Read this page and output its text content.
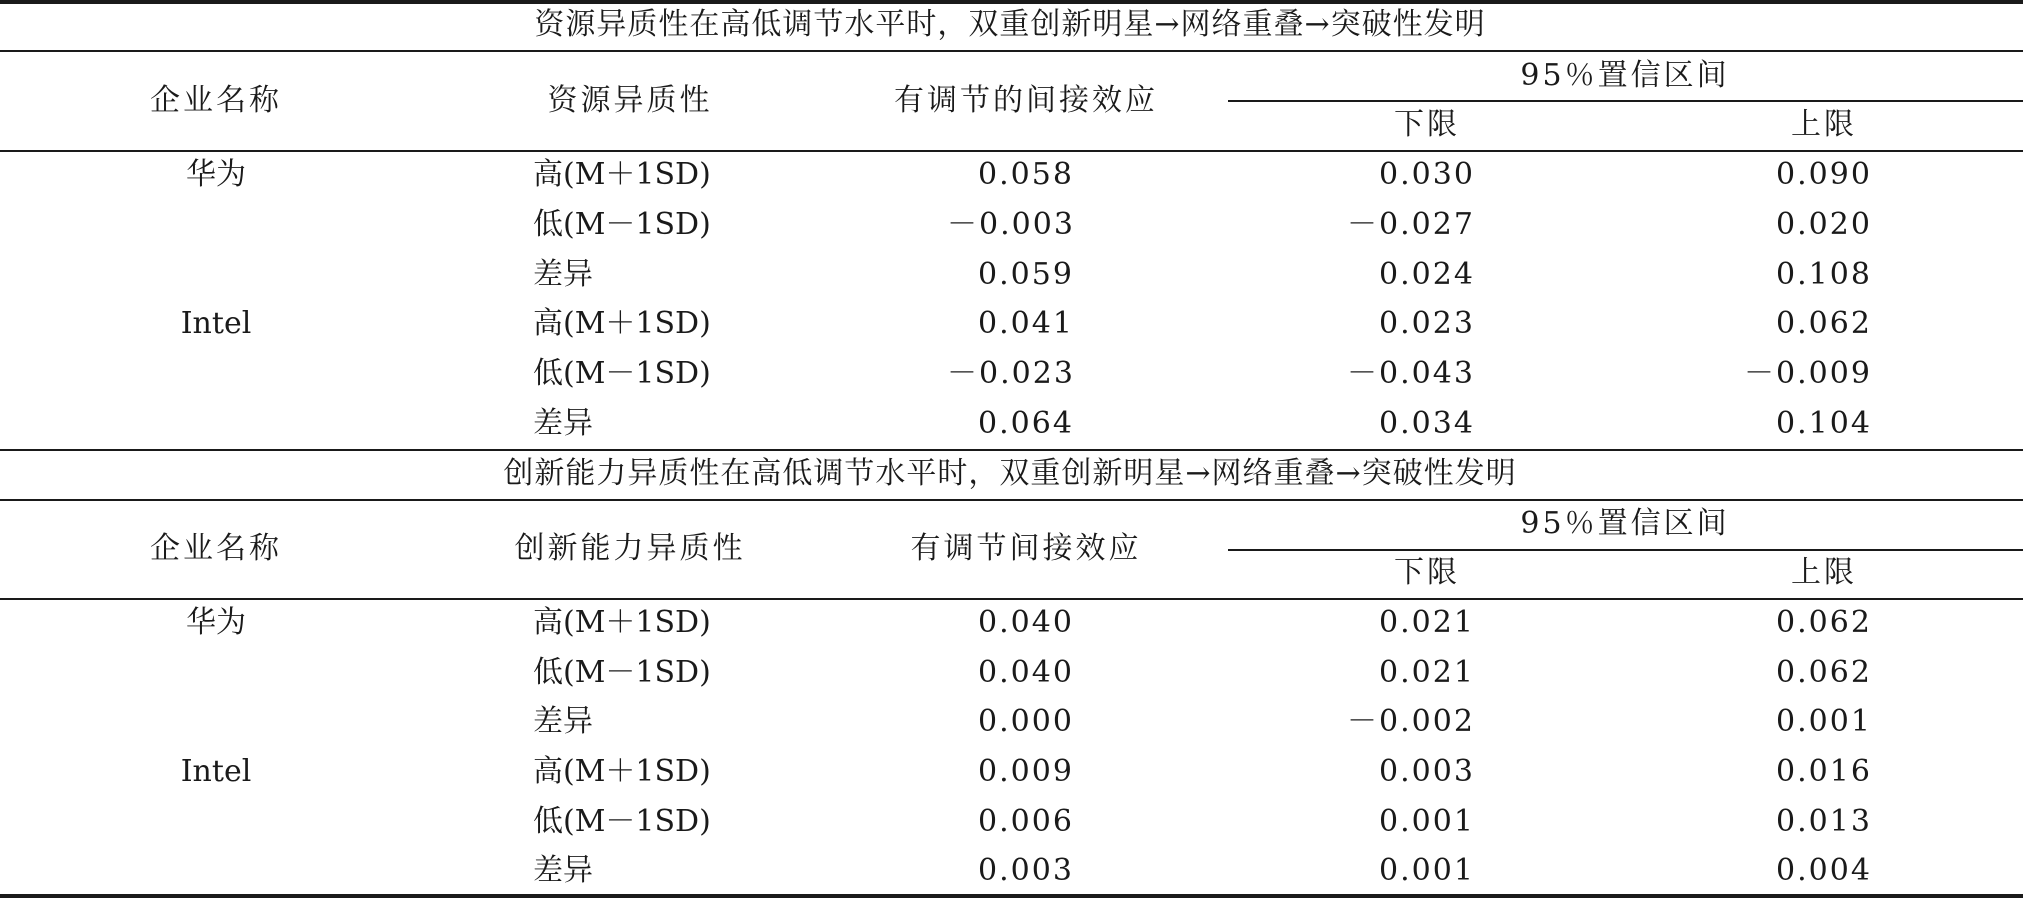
资源异质性在高低调节水平时，双重创新明星→网络重叠→突破性发明
企业名称	资源异质性	有调节的间接效应
95％置信区间
下限	上限
华为	高(M＋1SD)	0.058	0.030	0.090
低(M－1SD)	－0.003	－0.027	0.020
差异	0.059	0.024	0.108
Intel	高(M＋1SD)	0.041	0.023	0.062
低(M－1SD)	－0.023	－0.043	－0.009
差异	0.064	0.034	0.104
创新能力异质性在高低调节水平时，双重创新明星→网络重叠→突破性发明
企业名称	创新能力异质性	有调节间接效应
95％置信区间
下限	上限
华为	高(M＋1SD)	0.040	0.021	0.062
低(M－1SD)	0.040	0.021	0.062
差异	0.000	－0.002	0.001
Intel	高(M＋1SD)	0.009	0.003	0.016
低(M－1SD)	0.006	0.001	0.013
差异	0.003	0.001	0.004
